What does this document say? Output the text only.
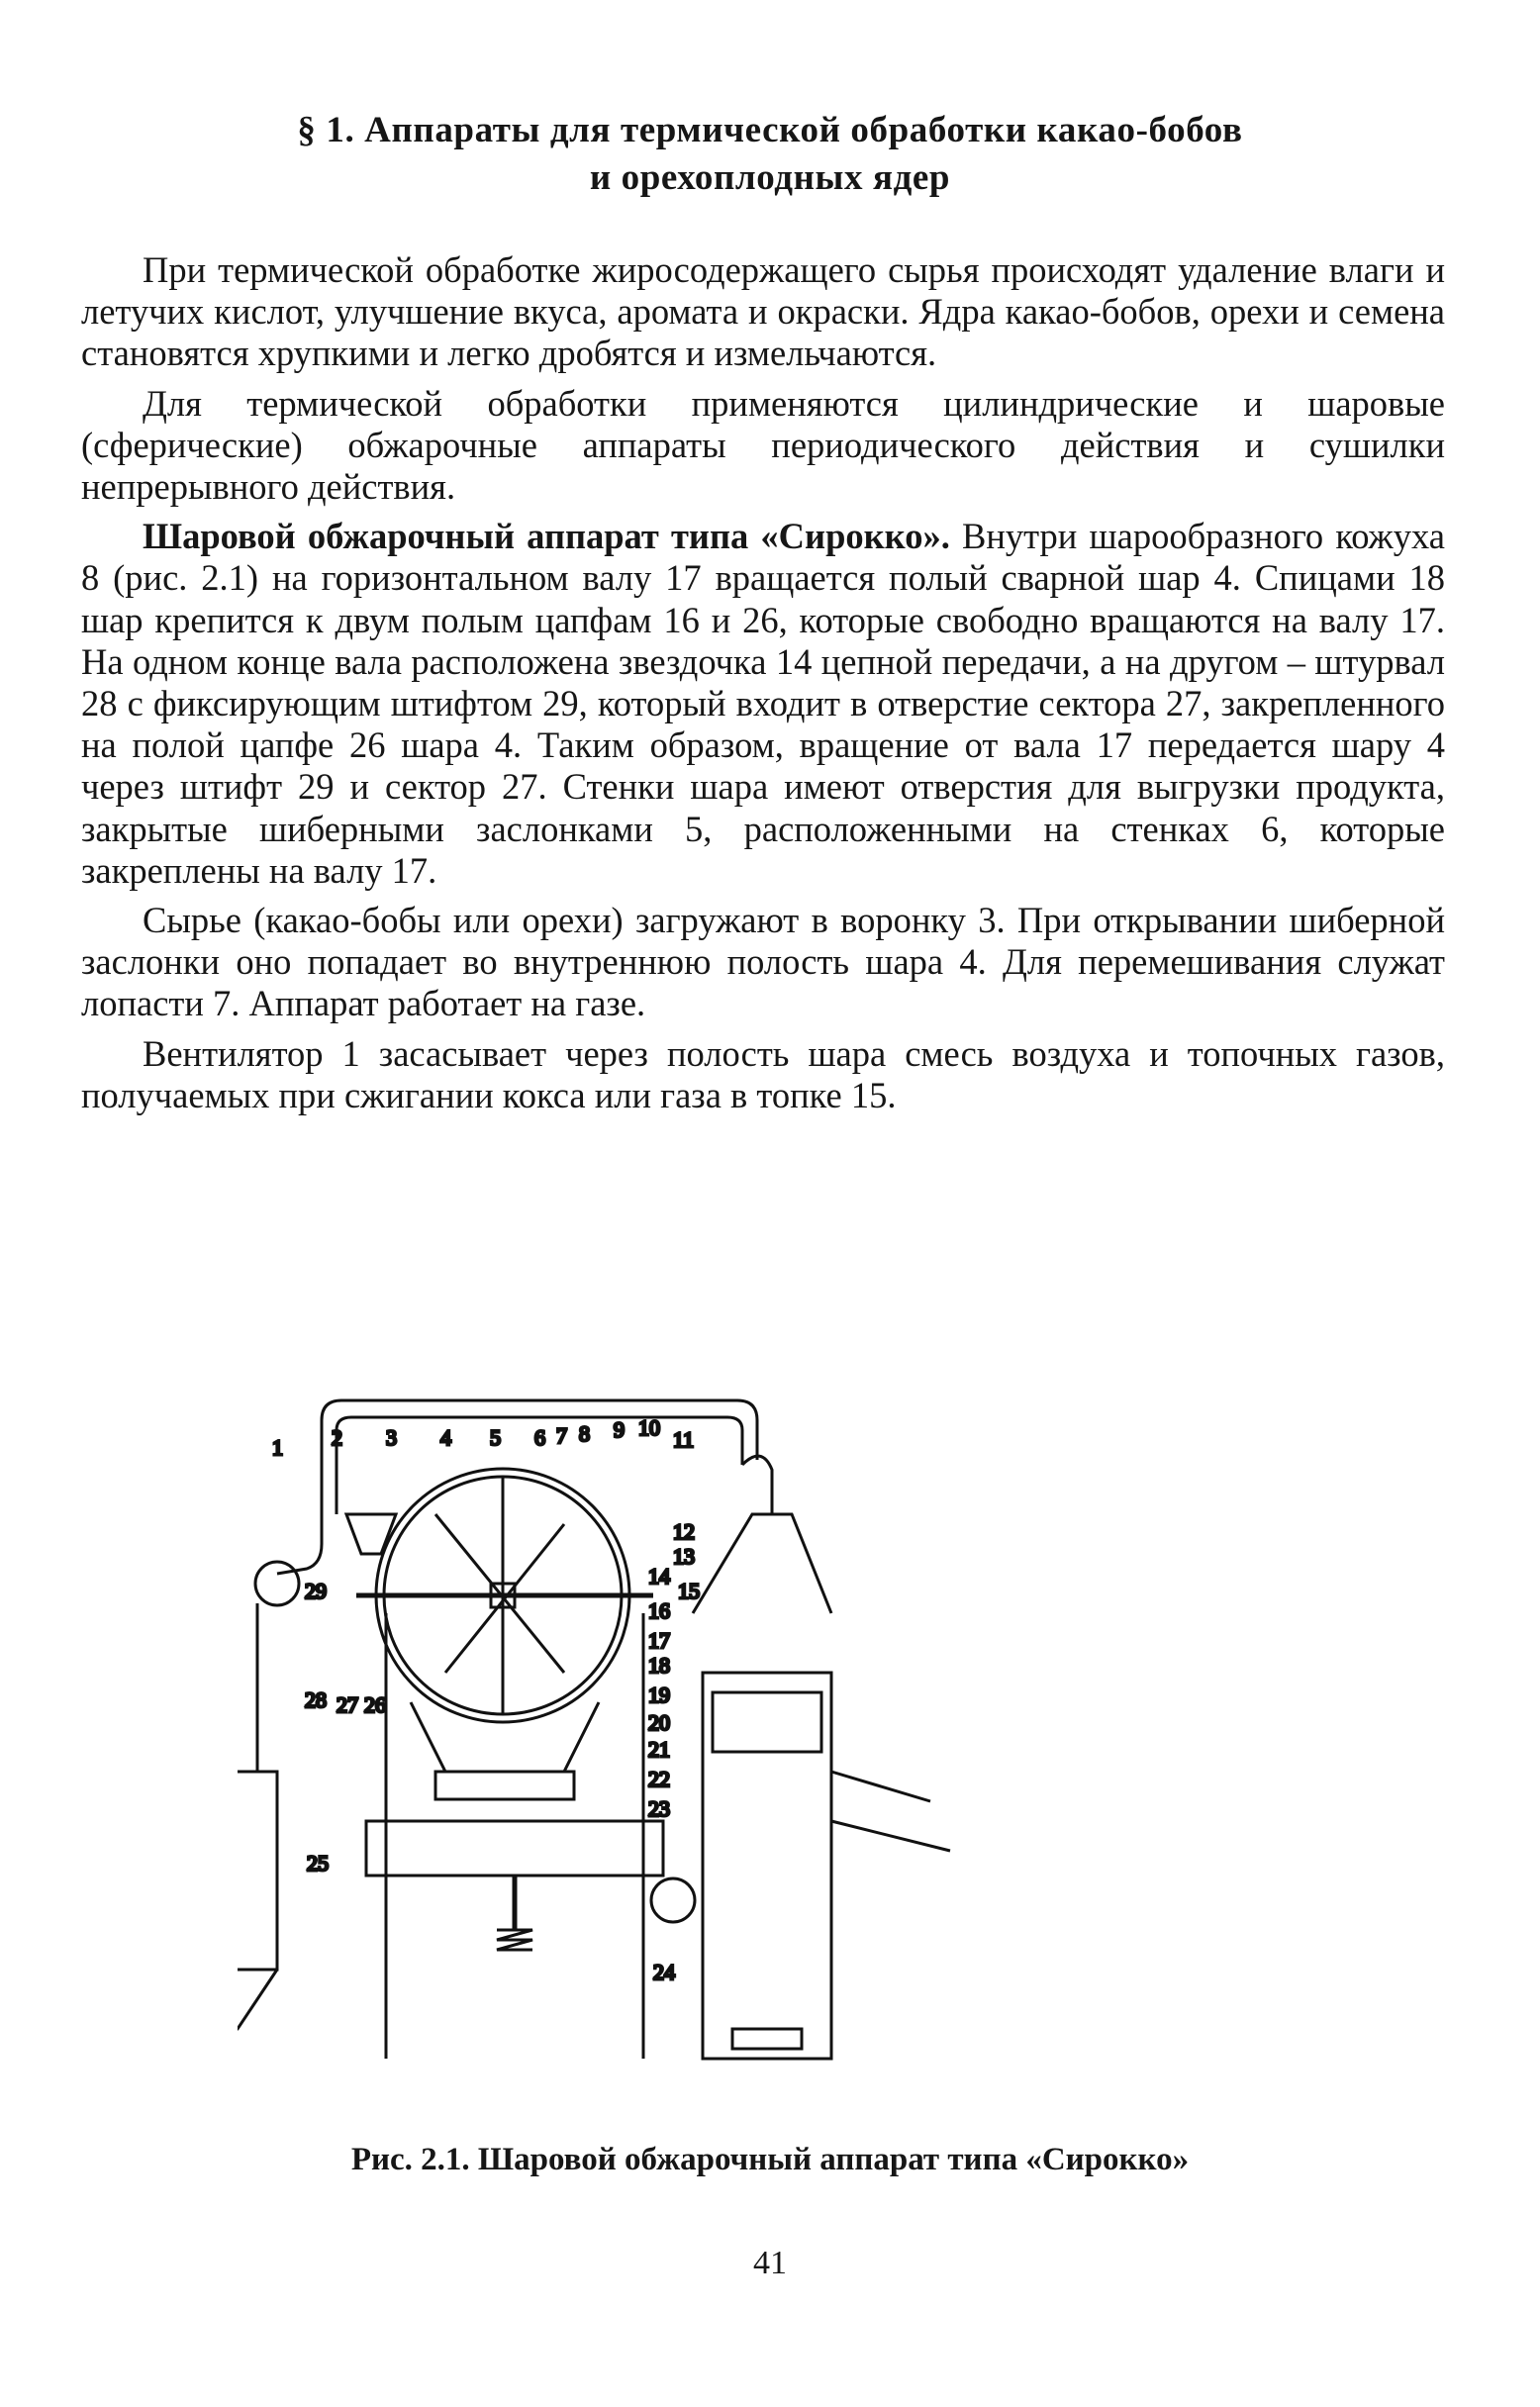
§ 1. Аппараты для термической обработки какао-бобов
и орехоплодных ядер

При термической обработке жиросодержащего сырья происходят удаление влаги и летучих кислот, улучшение вкуса, аромата и окраски. Ядра какао-бобов, орехи и семена становятся хрупкими и легко дробятся и измельчаются.

Для термической обработки применяются цилиндрические и шаровые (сферические) обжарочные аппараты периодического действия и сушилки непрерывного действия.

Шаровой обжарочный аппарат типа «Сирокко». Внутри шарообразного кожуха 8 (рис. 2.1) на горизонтальном валу 17 вращается полый сварной шар 4. Спицами 18 шар крепится к двум полым цапфам 16 и 26, которые свободно вращаются на валу 17. На одном конце вала расположена звездочка 14 цепной передачи, а на другом – штурвал 28 с фиксирующим штифтом 29, который входит в отверстие сектора 27, закрепленного на полой цапфе 26 шара 4. Таким образом, вращение от вала 17 передается шару 4 через штифт 29 и сектор 27. Стенки шара имеют отверстия для выгрузки продукта, закрытые шиберными заслонками 5, расположенными на стенках 6, которые закреплены на валу 17.

Сырье (какао-бобы или орехи) загружают в воронку 3. При открывании шиберной заслонки оно попадает во внутреннюю полость шара 4. Для перемешивания служат лопасти 7. Аппарат работает на газе.

Вентилятор 1 засасывает через полость шара смесь воздуха и топочных газов, получаемых при сжигании кокса или газа в топке 15.

1 2 3 4 5 6 7 8 9 10 11
12
13
14
15
16
17
18
19
20
21
22
23
24
25
26
27
28
29
Рис. 2.1. Шаровой обжарочный аппарат типа «Сирокко»
41
